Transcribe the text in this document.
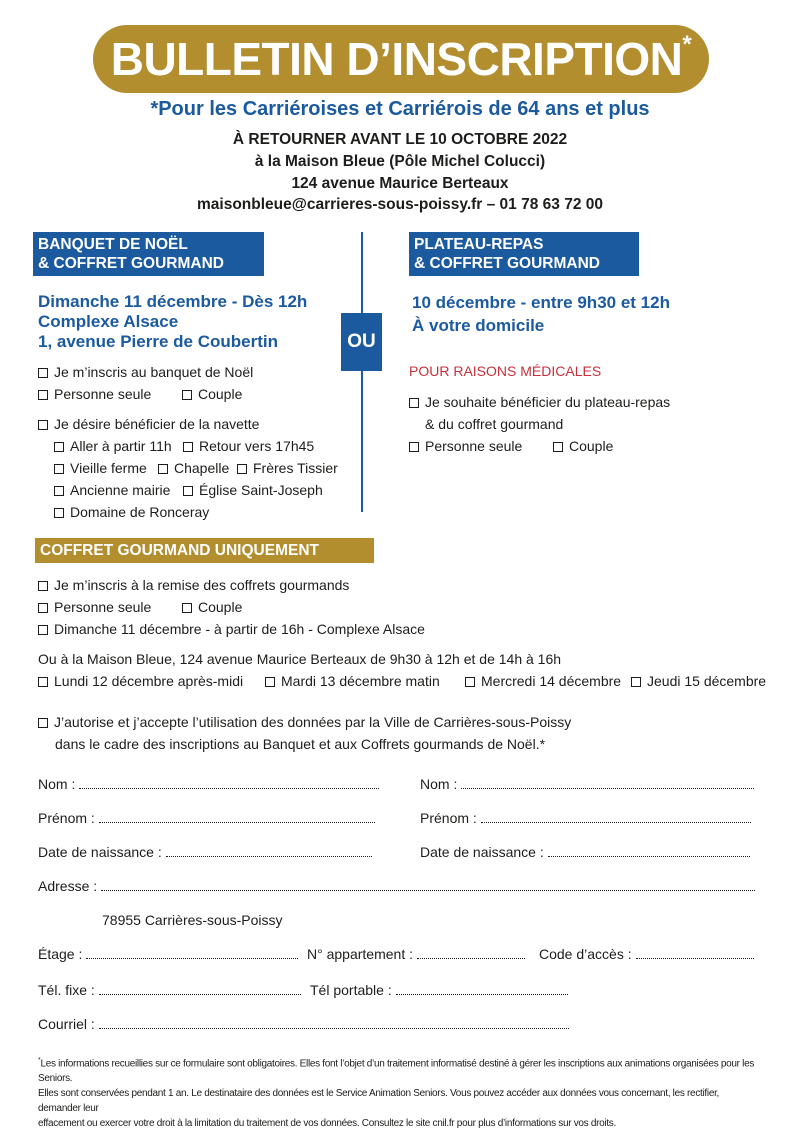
BULLETIN D’INSCRIPTION*
*Pour les Carriéroises et Carriérois de 64 ans et plus
À RETOURNER AVANT LE 10 OCTOBRE 2022
à la Maison Bleue (Pôle Michel Colucci)
124 avenue Maurice Berteaux
maisonbleue@carrieres-sous-poissy.fr – 01 78 63 72 00
BANQUET DE NOËL
& COFFRET GOURMAND
Dimanche 11 décembre - Dès 12h
Complexe Alsace
1, avenue Pierre de Coubertin
Je m’inscris au banquet de Noël
Personne seule	Couple
Je désire bénéficier de la navette
Aller à partir 11h	Retour vers 17h45
Vieille ferme	Chapelle	Frères Tissier
Ancienne mairie	Église Saint-Joseph
Domaine de Ronceray
OU
PLATEAU-REPAS
& COFFRET GOURMAND
10 décembre - entre 9h30 et 12h
À votre domicile
POUR RAISONS MÉDICALES
Je souhaite bénéficier du plateau-repas
& du coffret gourmand
Personne seule	Couple
COFFRET GOURMAND UNIQUEMENT
Je m’inscris à la remise des coffrets gourmands
Personne seule	Couple
Dimanche 11 décembre - à partir de 16h - Complexe Alsace
Ou à la Maison Bleue, 124 avenue Maurice Berteaux de 9h30 à 12h et de 14h à 16h
Lundi 12 décembre après-midi	Mardi 13 décembre matin	Mercredi 14 décembre	Jeudi 15 décembre
J’autorise et j’accepte l’utilisation des données par la Ville de Carrières-sous-Poissy
dans le cadre des inscriptions au Banquet et aux Coffrets gourmands de Noël.*
Nom :	Nom :
Prénom :	Prénom :
Date de naissance :	Date de naissance :
Adresse :
78955 Carrières-sous-Poissy
Étage :	N° appartement :	Code d’accès :
Tél. fixe :	Tél portable :
Courriel :
*Les informations recueillies sur ce formulaire sont obligatoires. Elles font l’objet d’un traitement informatisé destiné à gérer les inscriptions aux animations organisées pour les Seniors.
Elles sont conservées pendant 1 an. Le destinataire des données est le Service Animation Seniors. Vous pouvez accéder aux données vous concernant, les rectifier, demander leur
effacement ou exercer votre droit à la limitation du traitement de vos données. Consultez le site cnil.fr pour plus d’informations sur vos droits.
